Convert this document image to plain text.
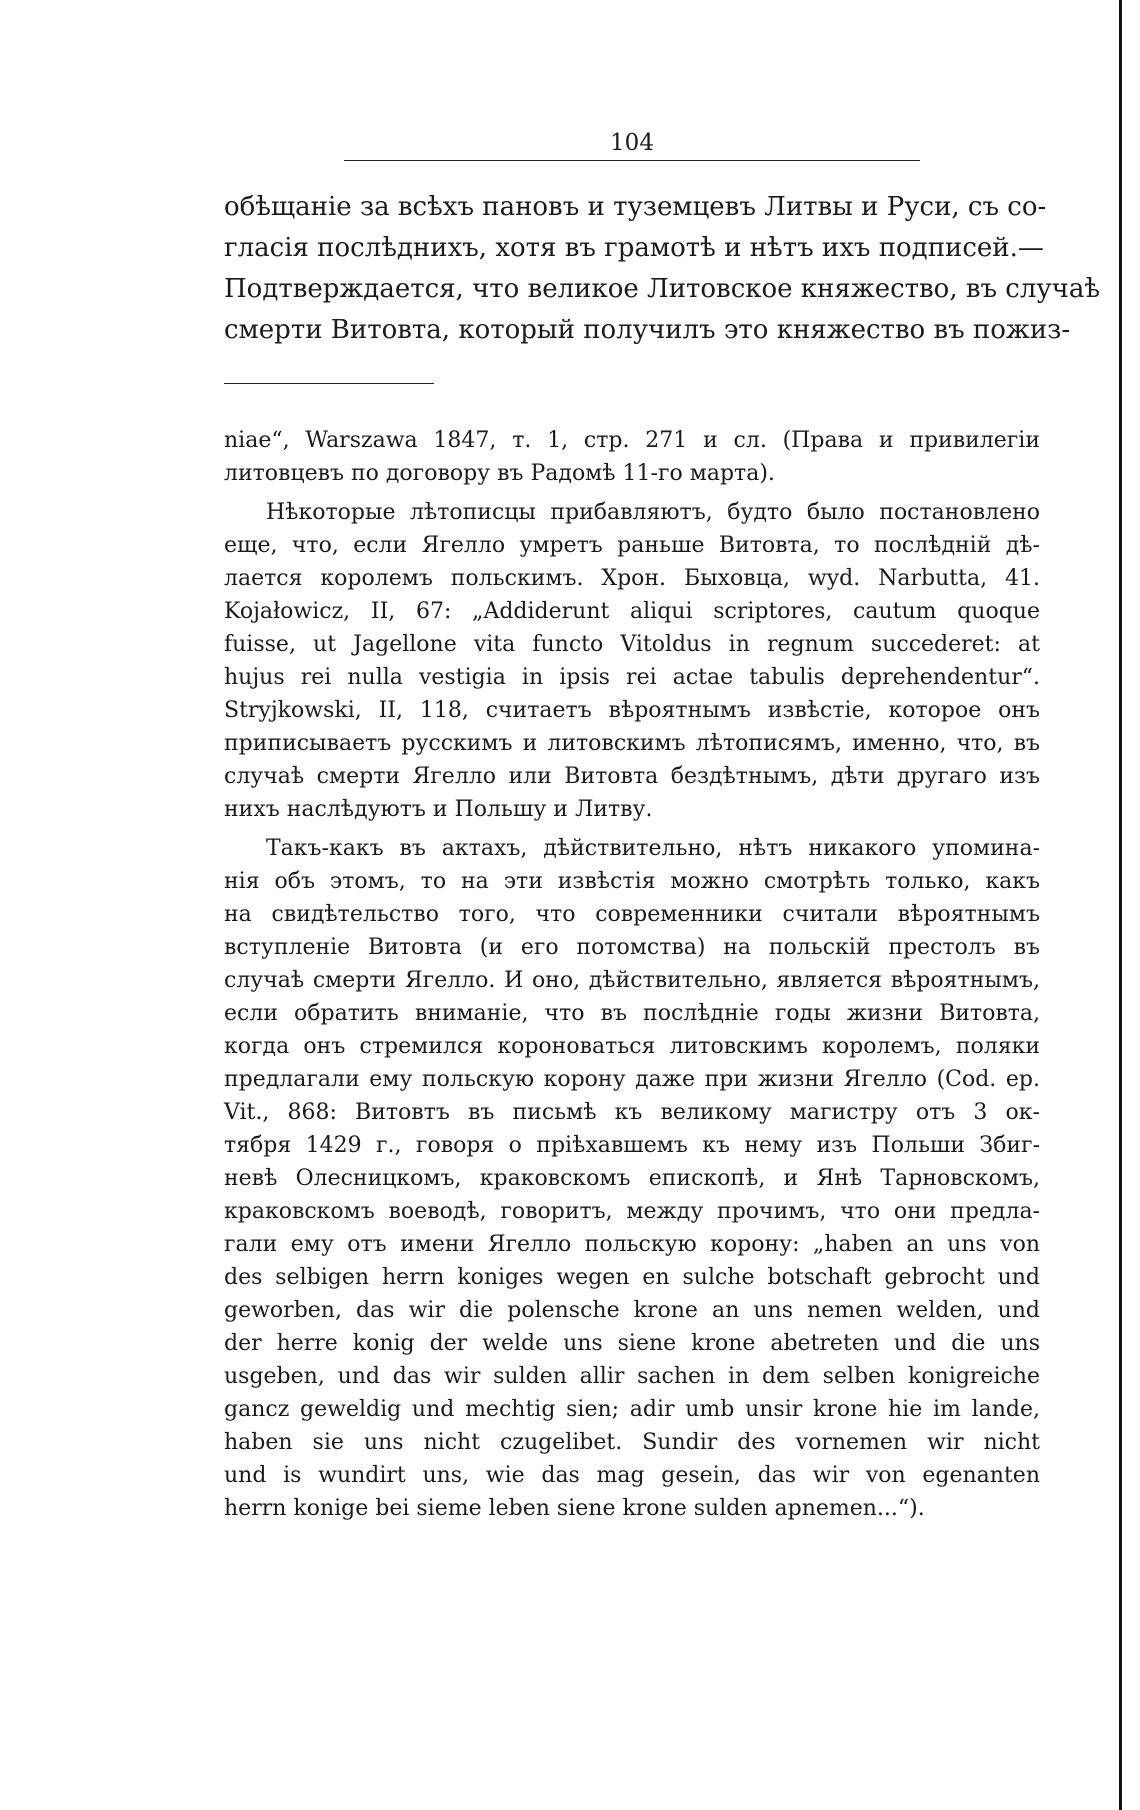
104
обѣщаніе за всѣхъ пановъ и туземцевъ Литвы и Руси, съ со-
гласія послѣднихъ, хотя въ грамотѣ и нѣтъ ихъ подписей.—
Подтверждается, что великое Литовское княжество, въ случаѣ
смерти Витовта, который получилъ это княжество въ пожиз-
niae“, Warszawa 1847, т. 1, стр. 271 и сл. (Права и привилегіи
литовцевъ по договору въ Радомѣ 11-го марта).
Нѣкоторые лѣтописцы прибавляютъ, будто было постановлено
еще, что, если Ягелло умретъ раньше Витовта, то послѣдній дѣ-
лается королемъ польскимъ. Хрон. Быховца, wyd. Narbutta, 41.
Kojałowicz, II, 67: „Addiderunt aliqui scriptores, cautum quoque
fuisse, ut Jagellone vita functo Vitoldus in regnum succederet: at
hujus rei nulla vestigia in ipsis rei actae tabulis deprehendentur“.
Stryjkowski, II, 118, считаетъ вѣроятнымъ извѣстіе, которое онъ
приписываетъ русскимъ и литовскимъ лѣтописямъ, именно, что, въ
случаѣ смерти Ягелло или Витовта бездѣтнымъ, дѣти другаго изъ
нихъ наслѣдуютъ и Польшу и Литву.
Такъ-какъ въ актахъ, дѣйствительно, нѣтъ никакого упомина-
нія объ этомъ, то на эти извѣстія можно смотрѣть только, какъ
на свидѣтельство того, что современники считали вѣроятнымъ
вступленіе Витовта (и его потомства) на польскій престолъ въ
случаѣ смерти Ягелло. И оно, дѣйствительно, является вѣроятнымъ,
если обратить вниманіе, что въ послѣдніе годы жизни Витовта,
когда онъ стремился короноваться литовскимъ королемъ, поляки
предлагали ему польскую корону даже при жизни Ягелло (Cod. ep.
Vit., 868: Витовтъ въ письмѣ къ великому магистру отъ 3 ок-
тября 1429 г., говоря о пріѣхавшемъ къ нему изъ Польши Збиг-
невѣ Олесницкомъ, краковскомъ епископѣ, и Янѣ Тарновскомъ,
краковскомъ воеводѣ, говоритъ, между прочимъ, что они предла-
гали ему отъ имени Ягелло польскую корону: „haben an uns von
des selbigen herrn koniges wegen en sulche botschaft gebrocht und
geworben, das wir die polensche krone an uns nemen welden, und
der herre konig der welde uns siene krone abetreten und die uns
usgeben, und das wir sulden allir sachen in dem selben konigreiche
gancz geweldig und mechtig sien; adir umb unsir krone hie im lande,
haben sie uns nicht czugelibet. Sundir des vornemen wir nicht
und is wundirt uns, wie das mag gesein, das wir von egenanten
herrn konige bei sieme leben siene krone sulden apnemen...“).
